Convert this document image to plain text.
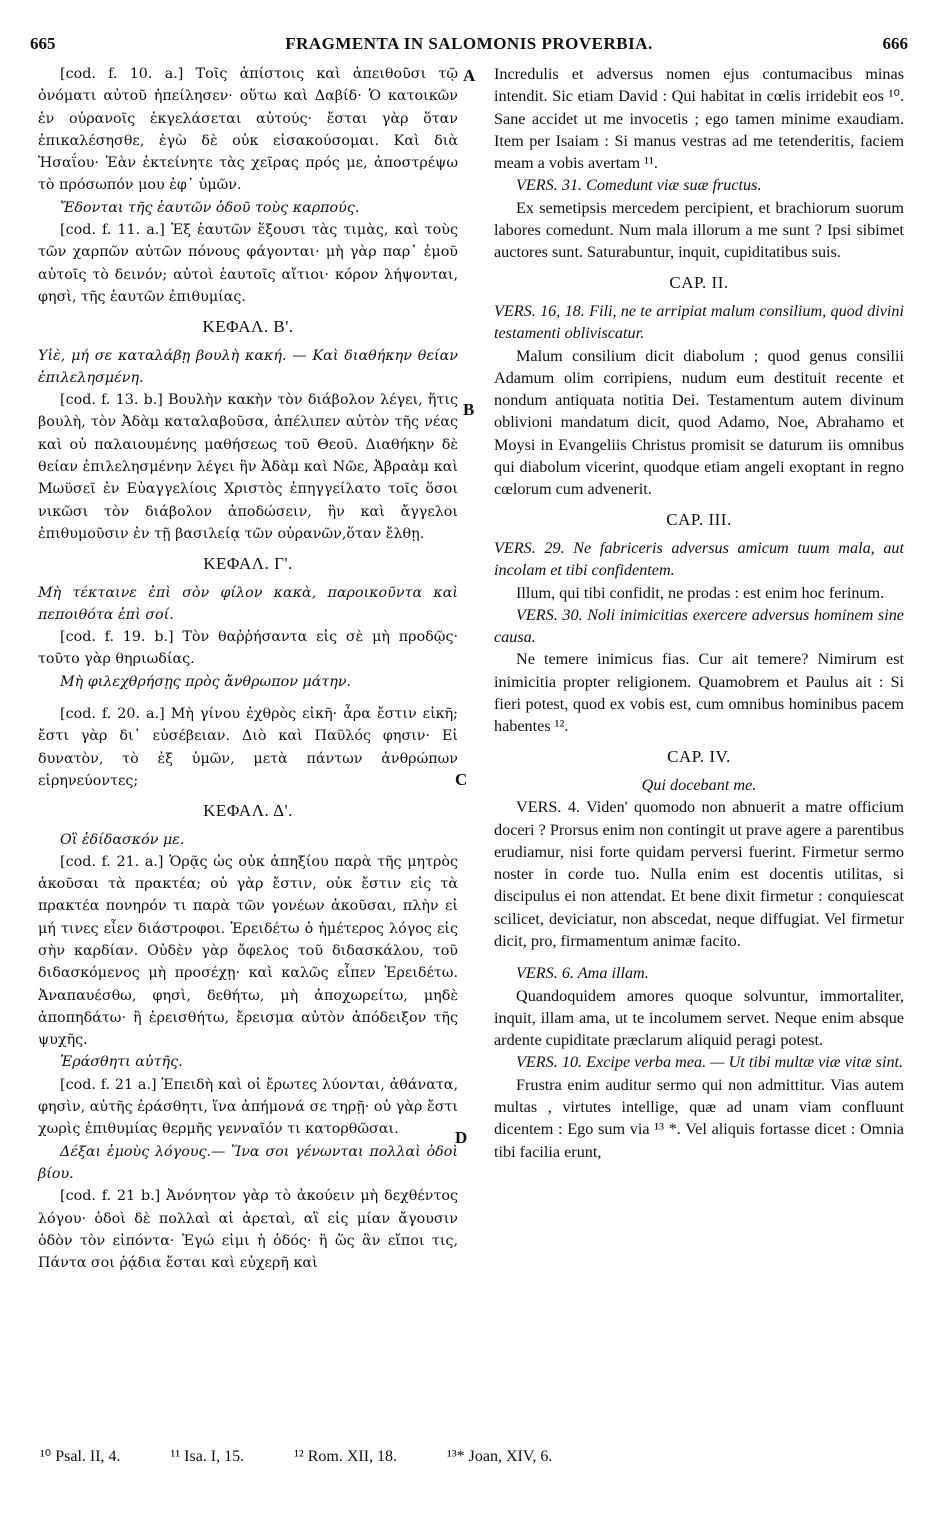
665	FRAGMENTA IN SALOMONIS PROVERBIA.	666
A
B
C
D

[cod. f. 10. a.] Τοῖς ἀπίστοις καὶ ἀπειθοῦσι τῷ ὀνόματι αὐτοῦ ἠπείλησεν· οὕτω καὶ Δαβίδ· Ὁ κατοικῶν ἐν οὐρανοῖς ἐκγελάσεται αὐτούς· ἔσται γὰρ ὅταν ἐπικαλέσησθε, ἐγὼ δὲ οὐκ εἰσακούσομαι. Καὶ διὰ Ἡσαΐου· Ἐὰν ἐκτείνητε τὰς χεῖρας πρός με, ἀποστρέψω τὸ πρόσωπόν μου ἐφ᾽ ὑμῶν.

Ἔδονται τῆς ἑαυτῶν ὁδοῦ τοὺς καρπούς.

[cod. f. 11. a.] Ἐξ ἑαυτῶν ἕξουσι τὰς τιμὰς, καὶ τοὺς τῶν χαρπῶν αὐτῶν πόνους φάγονται· μὴ γὰρ παρ᾽ ἐμοῦ αὐτοῖς τὸ δεινόν; αὐτοὶ ἑαυτοῖς αἴτιοι· κόρον λήψονται, φησὶ, τῆς ἑαυτῶν ἐπιθυμίας.

ΚΕΦΑΛ. Β'.

Υἱὲ, μή σε καταλάβῃ βουλὴ κακή. — Καὶ διαθήκην θείαν ἐπιλελησμένη.

[cod. f. 13. b.] Βουλὴν κακὴν τὸν διάβολον λέγει, ἥτις βουλὴ, τὸν Ἀδὰμ καταλαβοῦσα, ἀπέλιπεν αὐτὸν τῆς νέας καὶ οὐ παλαιουμένης μαθήσεως τοῦ Θεοῦ. Διαθήκην δὲ θείαν ἐπιλελησμένην λέγει ἣν Ἀδὰμ καὶ Νῶε, Ἀβραὰμ καὶ Μωϋσεῖ ἐν Εὐαγγελίοις Χριστὸς ἐπηγγείλατο τοῖς ὅσοι νικῶσι τὸν διάβολον ἀποδώσειν, ἣν καὶ ἄγγελοι ἐπιθυμοῦσιν ἐν τῇ βασιλείᾳ τῶν οὐρανῶν,ὅταν ἔλθῃ.

ΚΕΦΑΛ. Γ'.

Μὴ τέκταινε ἐπὶ σὸν φίλον κακὰ, παροικοῦντα καὶ πεποιθότα ἐπὶ σοί.

[cod. f. 19. b.] Τὸν θαῤῥήσαντα εἰς σὲ μὴ προδῷς· τοῦτο γὰρ θηριωδίας.

Μὴ φιλεχθρήσῃς πρὸς ἄνθρωπον μάτην.

[cod. f. 20. a.] Μὴ γίνου ἐχθρὸς εἰκῆ· ἆρα ἔστιν εἰκῆ; ἔστι γὰρ δι᾽ εὐσέβειαν. Διὸ καὶ Παῦλός φησιν· Εἰ δυνατὸν, τὸ ἐξ ὑμῶν, μετὰ πάντων ἀνθρώπων εἰρηνεύοντες;

ΚΕΦΑΛ. Δ'.

Οἳ ἐδίδασκόν με.

[cod. f. 21. a.] Ὁρᾷς ὡς οὐκ ἀπηξίου παρὰ τῆς μητρὸς ἀκοῦσαι τὰ πρακτέα; οὐ γὰρ ἔστιν, οὐκ ἔστιν εἰς τὰ πρακτέα πονηρόν τι παρὰ τῶν γονέων ἀκοῦσαι, πλὴν εἰ μή τινες εἶεν διάστροφοι. Ἐρειδέτω ὁ ἡμέτερος λόγος εἰς σὴν καρδίαν. Οὐδὲν γὰρ ὄφελος τοῦ διδασκάλου, τοῦ διδασκόμενος μὴ προσέχῃ· καὶ καλῶς εἶπεν Ἐρειδέτω. Ἀναπαυέσθω, φησὶ, δεθήτω, μὴ ἀποχωρείτω, μηδὲ ἀποπηδάτω· ἢ ἐρεισθήτω, ἔρεισμα αὐτὸν ἀπόδειξον τῆς ψυχῆς.

Ἐράσθητι αὐτῆς.

[cod. f. 21 a.] Ἐπειδὴ καὶ οἱ ἔρωτες λύονται, ἀθάνατα, φησὶν, αὐτῆς ἐράσθητι, ἵνα ἀπήμονά σε τηρῇ· οὐ γὰρ ἔστι χωρὶς ἐπιθυμίας θερμῆς γενναῖόν τι κατορθῶσαι.

Δέξαι ἐμοὺς λόγους.— Ἵνα σοι γένωνται πολλαὶ ὁδοὶ βίου.

[cod. f. 21 b.] Ἀνόνητον γὰρ τὸ ἀκούειν μὴ δεχθέντος λόγου· ὁδοὶ δὲ πολλαὶ αἱ ἀρεταὶ, αἳ εἰς μίαν ἄγουσιν ὁδὸν τὸν εἰπόντα· Ἐγώ εἰμι ἡ ὁδός· ἢ ὥς ἂν εἴποι τις, Πάντα σοι ῥᾴδια ἔσται καὶ εὐχερῆ καὶ

Incredulis et adversus nomen ejus contumacibus minas intendit. Sic etiam David : Qui habitat in cœlis irridebit eos ¹⁰. Sane accidet ut me invocetis ; ego tamen minime exaudiam. Item per Isaiam : Si manus vestras ad me tetenderitis, faciem meam a vobis avertam ¹¹.

VERS. 31. Comedunt viæ suæ fructus.

Ex semetipsis mercedem percipient, et brachiorum suorum labores comedunt. Num mala illorum a me sunt ? Ipsi sibimet auctores sunt. Saturabuntur, inquit, cupiditatibus suis.

CAP. II.

VERS. 16, 18. Fili, ne te arripiat malum consilium, quod divini testamenti obliviscatur.

Malum consilium dicit diabolum ; quod genus consilii Adamum olim corripiens, nudum eum destituit recente et nondum antiquata notitia Dei. Testamentum autem divinum oblivioni mandatum dicit, quod Adamo, Noe, Abrahamo et Moysi in Evangeliis Christus promisit se daturum iis omnibus qui diabolum vicerint, quodque etiam angeli exoptant in regno cœlorum cum advenerit.

CAP. III.

VERS. 29. Ne fabriceris adversus amicum tuum mala, aut incolam et tibi confidentem.

Illum, qui tibi confidit, ne prodas : est enim hoc ferinum.

VERS. 30. Noli inimicitias exercere adversus hominem sine causa.

Ne temere inimicus fias. Cur ait temere? Nimirum est inimicitia propter religionem. Quamobrem et Paulus ait : Si fieri potest, quod ex vobis est, cum omnibus hominibus pacem habentes ¹².

CAP. IV.

Qui docebant me.

VERS. 4. Viden' quomodo non abnuerit a matre officium doceri ? Prorsus enim non contingit ut prave agere a parentibus erudiamur, nisi forte quidam perversi fuerint. Firmetur sermo noster in corde tuo. Nulla enim est docentis utilitas, si discipulus ei non attendat. Et bene dixit firmetur : conquiescat scilicet, deviciatur, non abscedat, neque diffugiat. Vel firmetur dicit, pro, firmamentum animæ facito.

VERS. 6. Ama illam.

Quandoquidem amores quoque solvuntur, immortaliter, inquit, illam ama, ut te incolumem servet. Neque enim absque ardente cupiditate præclarum aliquid peragi potest.

VERS. 10. Excipe verba mea. — Ut tibi multæ viæ vitæ sint.

Frustra enim auditur sermo qui non admittitur. Vias autem multas , virtutes intellige, quæ ad unam viam confluunt dicentem : Ego sum via ¹³ *. Vel aliquis fortasse dicet : Omnia tibi facilia erunt,

¹⁰ Psal. II, 4.	¹¹ Isa. I, 15.	¹² Rom. XII, 18.	¹³* Joan, XIV, 6.
